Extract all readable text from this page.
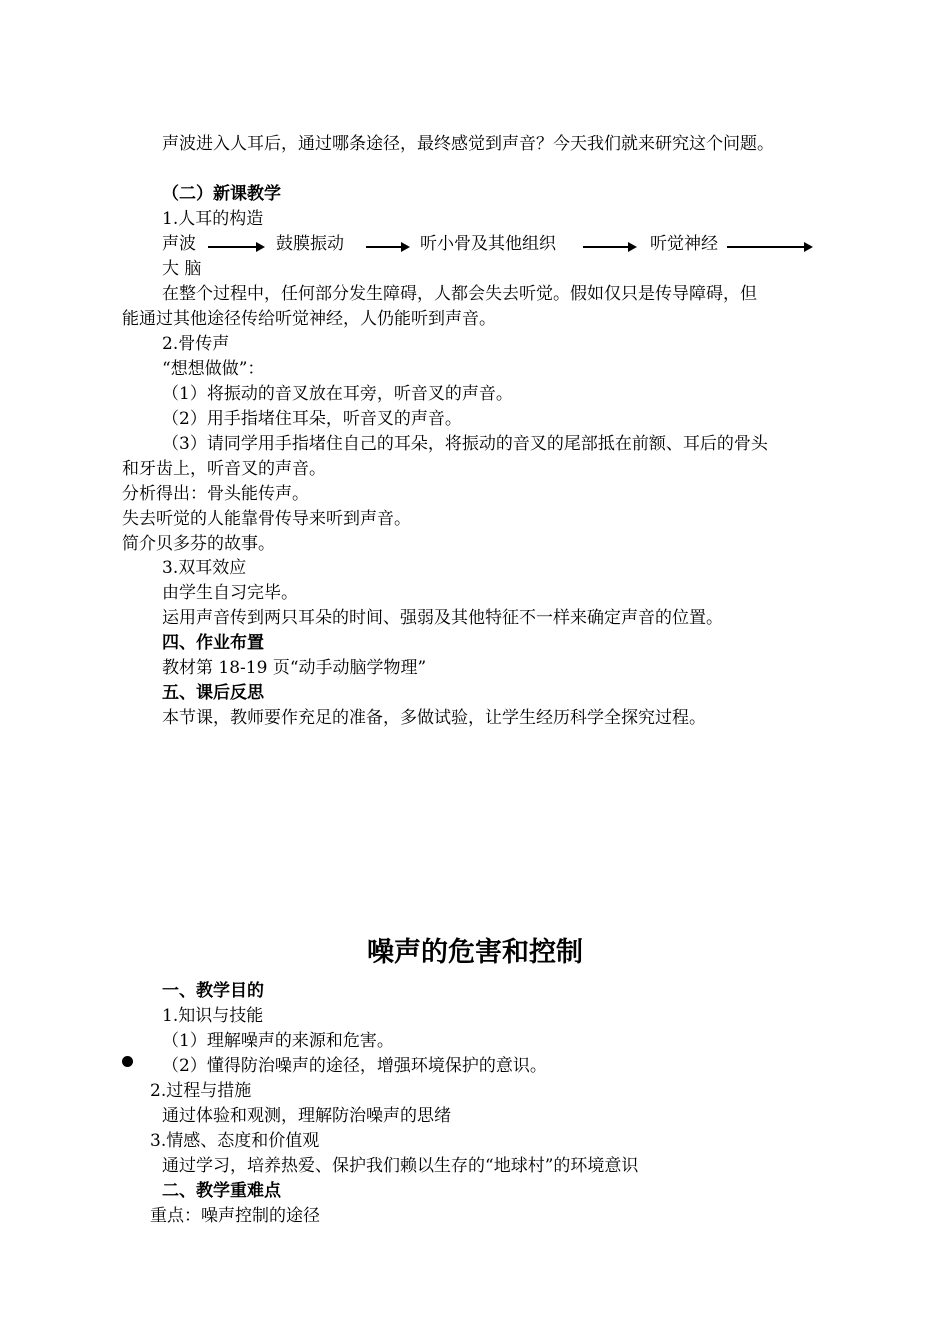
声波进入人耳后，通过哪条途径，最终感觉到声音？今天我们就来研究这个问题。
（二）新课教学
1.人耳的构造
声波	鼓膜振动	听小骨及其他组织	听觉神经
大 脑
在整个过程中，任何部分发生障碍，人都会失去听觉。假如仅只是传导障碍，但
能通过其他途径传给听觉神经，人仍能听到声音。
2.骨传声
“想想做做”：
（1）将振动的音叉放在耳旁，听音叉的声音。
（2）用手指堵住耳朵，听音叉的声音。
（3）请同学用手指堵住自己的耳朵，将振动的音叉的尾部抵在前额、耳后的骨头
和牙齿上，听音叉的声音。
分析得出：骨头能传声。
失去听觉的人能靠骨传导来听到声音。
简介贝多芬的故事。
3.双耳效应
由学生自习完毕。
运用声音传到两只耳朵的时间、强弱及其他特征不一样来确定声音的位置。
四、作业布置
教材第 18-19 页“动手动脑学物理”
五、课后反思
本节课，教师要作充足的准备，多做试验，让学生经历科学全探究过程。
噪声的危害和控制
一、教学目的
1.知识与技能
（1）理解噪声的来源和危害。
（2）懂得防治噪声的途径，增强环境保护的意识。
2.过程与措施
通过体验和观测，理解防治噪声的思绪
3.情感、态度和价值观
通过学习，培养热爱、保护我们赖以生存的“地球村”的环境意识
二、教学重难点
重点：噪声控制的途径
